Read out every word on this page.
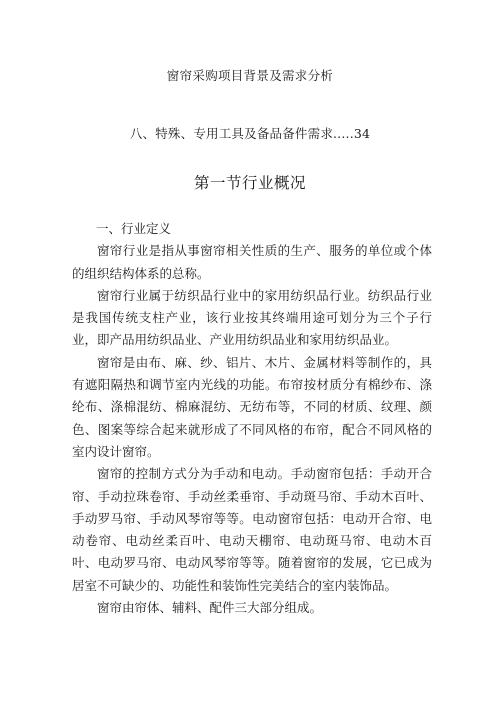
窗帘采购项目背景及需求分析
八、特殊、专用工具及备品备件需求.....34
第一节行业概况

一、行业定义

窗帘行业是指从事窗帘相关性质的生产、服务的单位或个体的组织结构体系的总称。

窗帘行业属于纺织品行业中的家用纺织品行业。纺织品行业是我国传统支柱产业，该行业按其终端用途可划分为三个子行业，即产品用纺织品业、产业用纺织品业和家用纺织品业。

窗帘是由布、麻、纱、铝片、木片、金属材料等制作的，具有遮阳隔热和调节室内光线的功能。布帘按材质分有棉纱布、涤纶布、涤棉混纺、棉麻混纺、无纺布等，不同的材质、纹理、颜色、图案等综合起来就形成了不同风格的布帘，配合不同风格的室内设计窗帘。

窗帘的控制方式分为手动和电动。手动窗帘包括：手动开合帘、手动拉珠卷帘、手动丝柔垂帘、手动斑马帘、手动木百叶、手动罗马帘、手动风琴帘等等。电动窗帘包括：电动开合帘、电动卷帘、电动丝柔百叶、电动天棚帘、电动斑马帘、电动木百叶、电动罗马帘、电动风琴帘等等。随着窗帘的发展，它已成为居室不可缺少的、功能性和装饰性完美结合的室内装饰品。

窗帘由帘体、辅料、配件三大部分组成。
